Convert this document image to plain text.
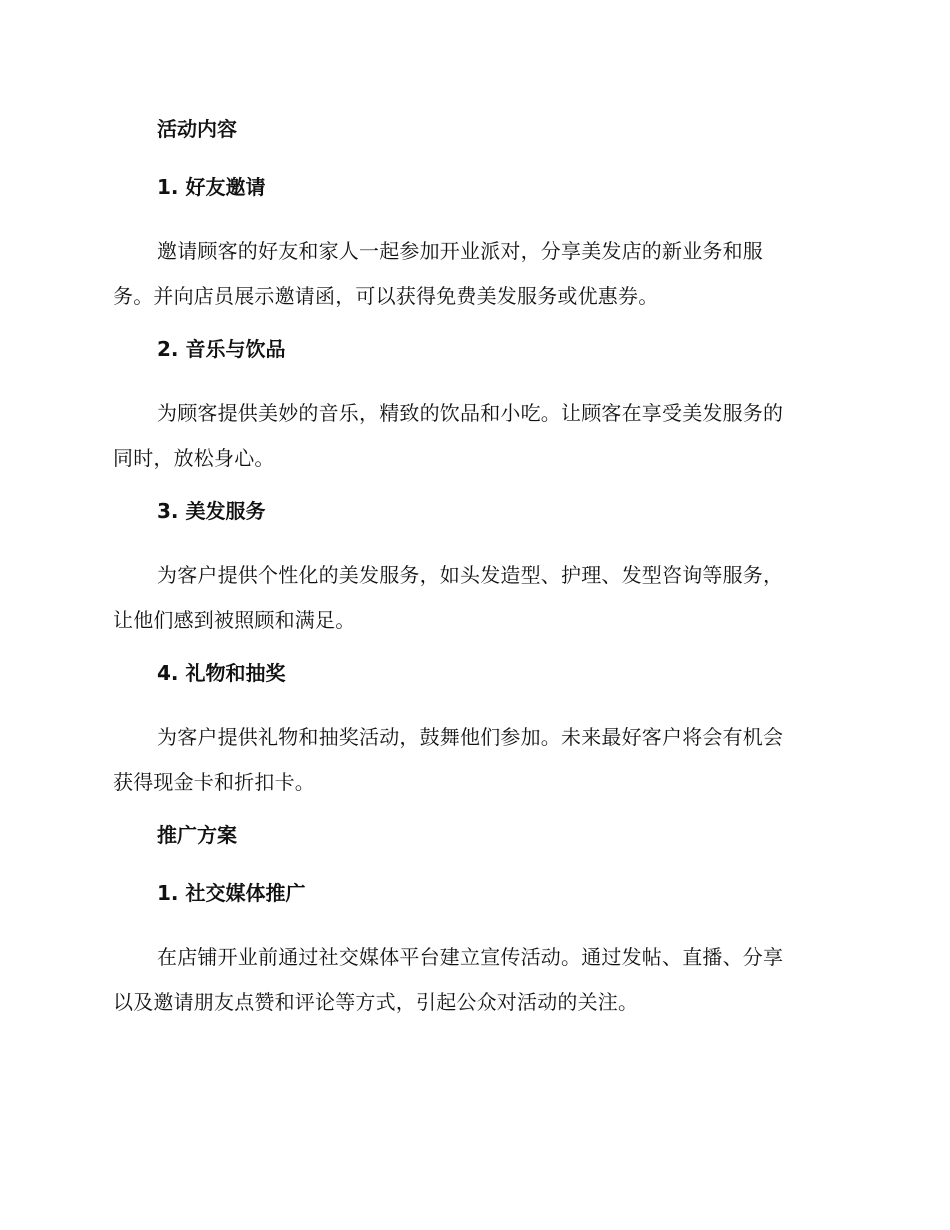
活动内容
1. 好友邀请

邀请顾客的好友和家人一起参加开业派对，分享美发店的新业务和服
务。并向店员展示邀请函，可以获得免费美发服务或优惠券。

2. 音乐与饮品

为顾客提供美妙的音乐，精致的饮品和小吃。让顾客在享受美发服务的
同时，放松身心。

3. 美发服务

为客户提供个性化的美发服务，如头发造型、护理、发型咨询等服务，
让他们感到被照顾和满足。

4. 礼物和抽奖

为客户提供礼物和抽奖活动，鼓舞他们参加。未来最好客户将会有机会
获得现金卡和折扣卡。

推广方案
1. 社交媒体推广

在店铺开业前通过社交媒体平台建立宣传活动。通过发帖、直播、分享
以及邀请朋友点赞和评论等方式，引起公众对活动的关注。
